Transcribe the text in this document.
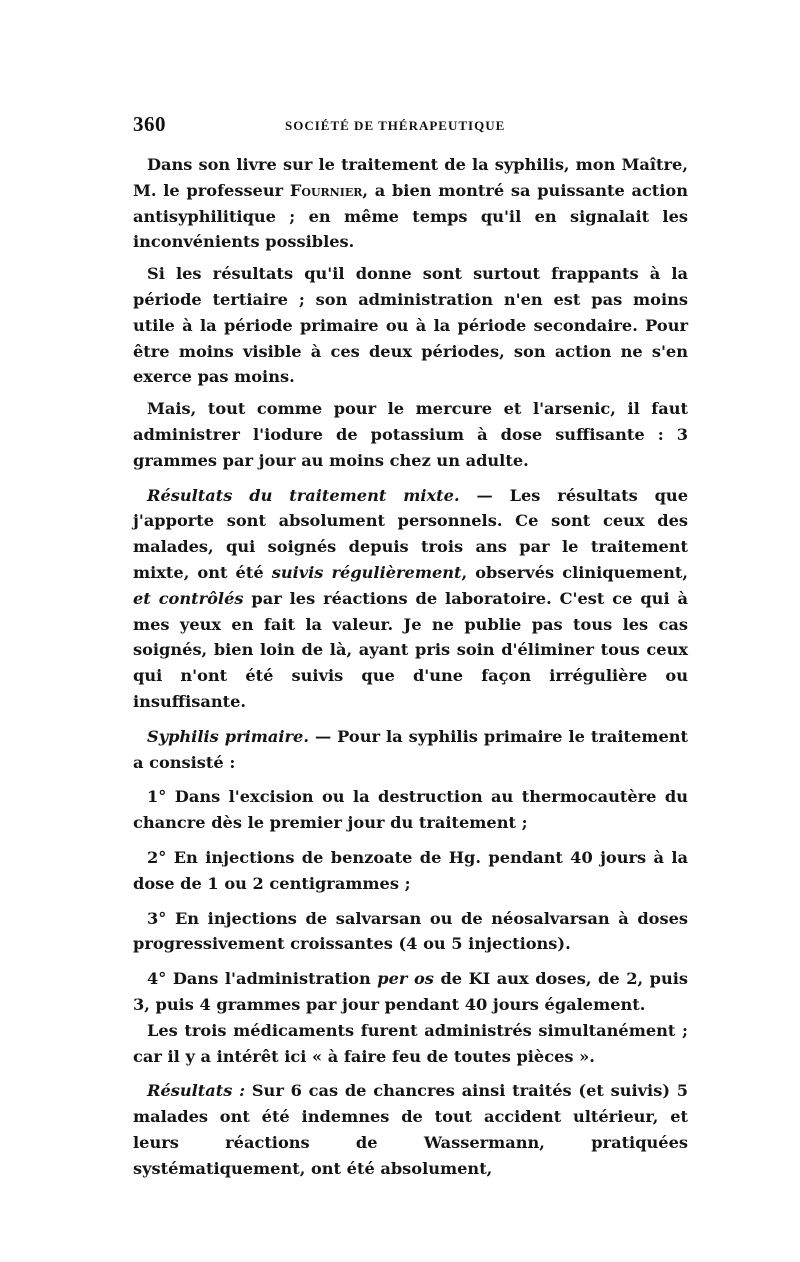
360	SOCIÉTÉ DE THÉRAPEUTIQUE

Dans son livre sur le traitement de la syphilis, mon Maître, M. le professeur Fournier, a bien montré sa puissante action antisyphilitique ; en même temps qu'il en signalait les inconvénients possibles.

Si les résultats qu'il donne sont surtout frappants à la période tertiaire ; son administration n'en est pas moins utile à la période primaire ou à la période secondaire. Pour être moins visible à ces deux périodes, son action ne s'en exerce pas moins.

Mais, tout comme pour le mercure et l'arsenic, il faut administrer l'iodure de potassium à dose suffisante : 3 grammes par jour au moins chez un adulte.

Résultats du traitement mixte. — Les résultats que j'apporte sont absolument personnels. Ce sont ceux des malades, qui soignés depuis trois ans par le traitement mixte, ont été suivis régulièrement, observés cliniquement, et contrôlés par les réactions de laboratoire. C'est ce qui à mes yeux en fait la valeur. Je ne publie pas tous les cas soignés, bien loin de là, ayant pris soin d'éliminer tous ceux qui n'ont été suivis que d'une façon irrégulière ou insuffisante.

Syphilis primaire. — Pour la syphilis primaire le traitement a consisté :

1° Dans l'excision ou la destruction au thermocautère du chancre dès le premier jour du traitement ;

2° En injections de benzoate de Hg. pendant 40 jours à la dose de 1 ou 2 centigrammes ;

3° En injections de salvarsan ou de néosalvarsan à doses progressivement croissantes (4 ou 5 injections).

4° Dans l'administration per os de KI aux doses, de 2, puis 3, puis 4 grammes par jour pendant 40 jours également.

Les trois médicaments furent administrés simultanément ; car il y a intérêt ici « à faire feu de toutes pièces ».

Résultats : Sur 6 cas de chancres ainsi traités (et suivis) 5 malades ont été indemnes de tout accident ultérieur, et leurs réactions de Wassermann, pratiquées systématiquement, ont été absolument,
